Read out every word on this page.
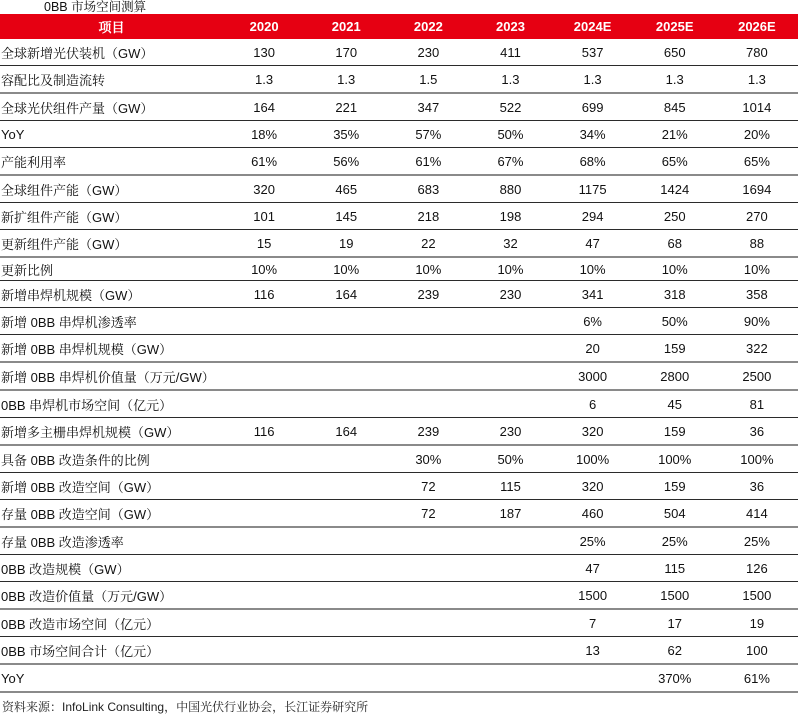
0BB 市场空间测算
项目	2020	2021	2022	2023	2024E	2025E	2026E
全球新增光伏装机（GW）	130	170	230	411	537	650	780
容配比及制造流转	1.3	1.3	1.5	1.3	1.3	1.3	1.3
全球光伏组件产量（GW）	164	221	347	522	699	845	1014
YoY	18%	35%	57%	50%	34%	21%	20%
产能利用率	61%	56%	61%	67%	68%	65%	65%
全球组件产能（GW）	320	465	683	880	1175	1424	1694
新扩组件产能（GW）	101	145	218	198	294	250	270
更新组件产能（GW）	15	19	22	32	47	68	88
更新比例	10%	10%	10%	10%	10%	10%	10%
新增串焊机规模（GW）	116	164	239	230	341	318	358
新增 0BB 串焊机渗透率					6%	50%	90%
新增 0BB 串焊机规模（GW）					20	159	322
新增 0BB 串焊机价值量（万元/GW）					3000	2800	2500
0BB 串焊机市场空间（亿元）					6	45	81
新增多主栅串焊机规模（GW）	116	164	239	230	320	159	36
具备 0BB 改造条件的比例			30%	50%	100%	100%	100%
新增 0BB 改造空间（GW）			72	115	320	159	36
存量 0BB 改造空间（GW）			72	187	460	504	414
存量 0BB 改造渗透率					25%	25%	25%
0BB 改造规模（GW）					47	115	126
0BB 改造价值量（万元/GW）					1500	1500	1500
0BB 改造市场空间（亿元）					7	17	19
0BB 市场空间合计（亿元）					13	62	100
YoY						370%	61%
资料来源：InfoLink Consulting，中国光伏行业协会，长江证券研究所
